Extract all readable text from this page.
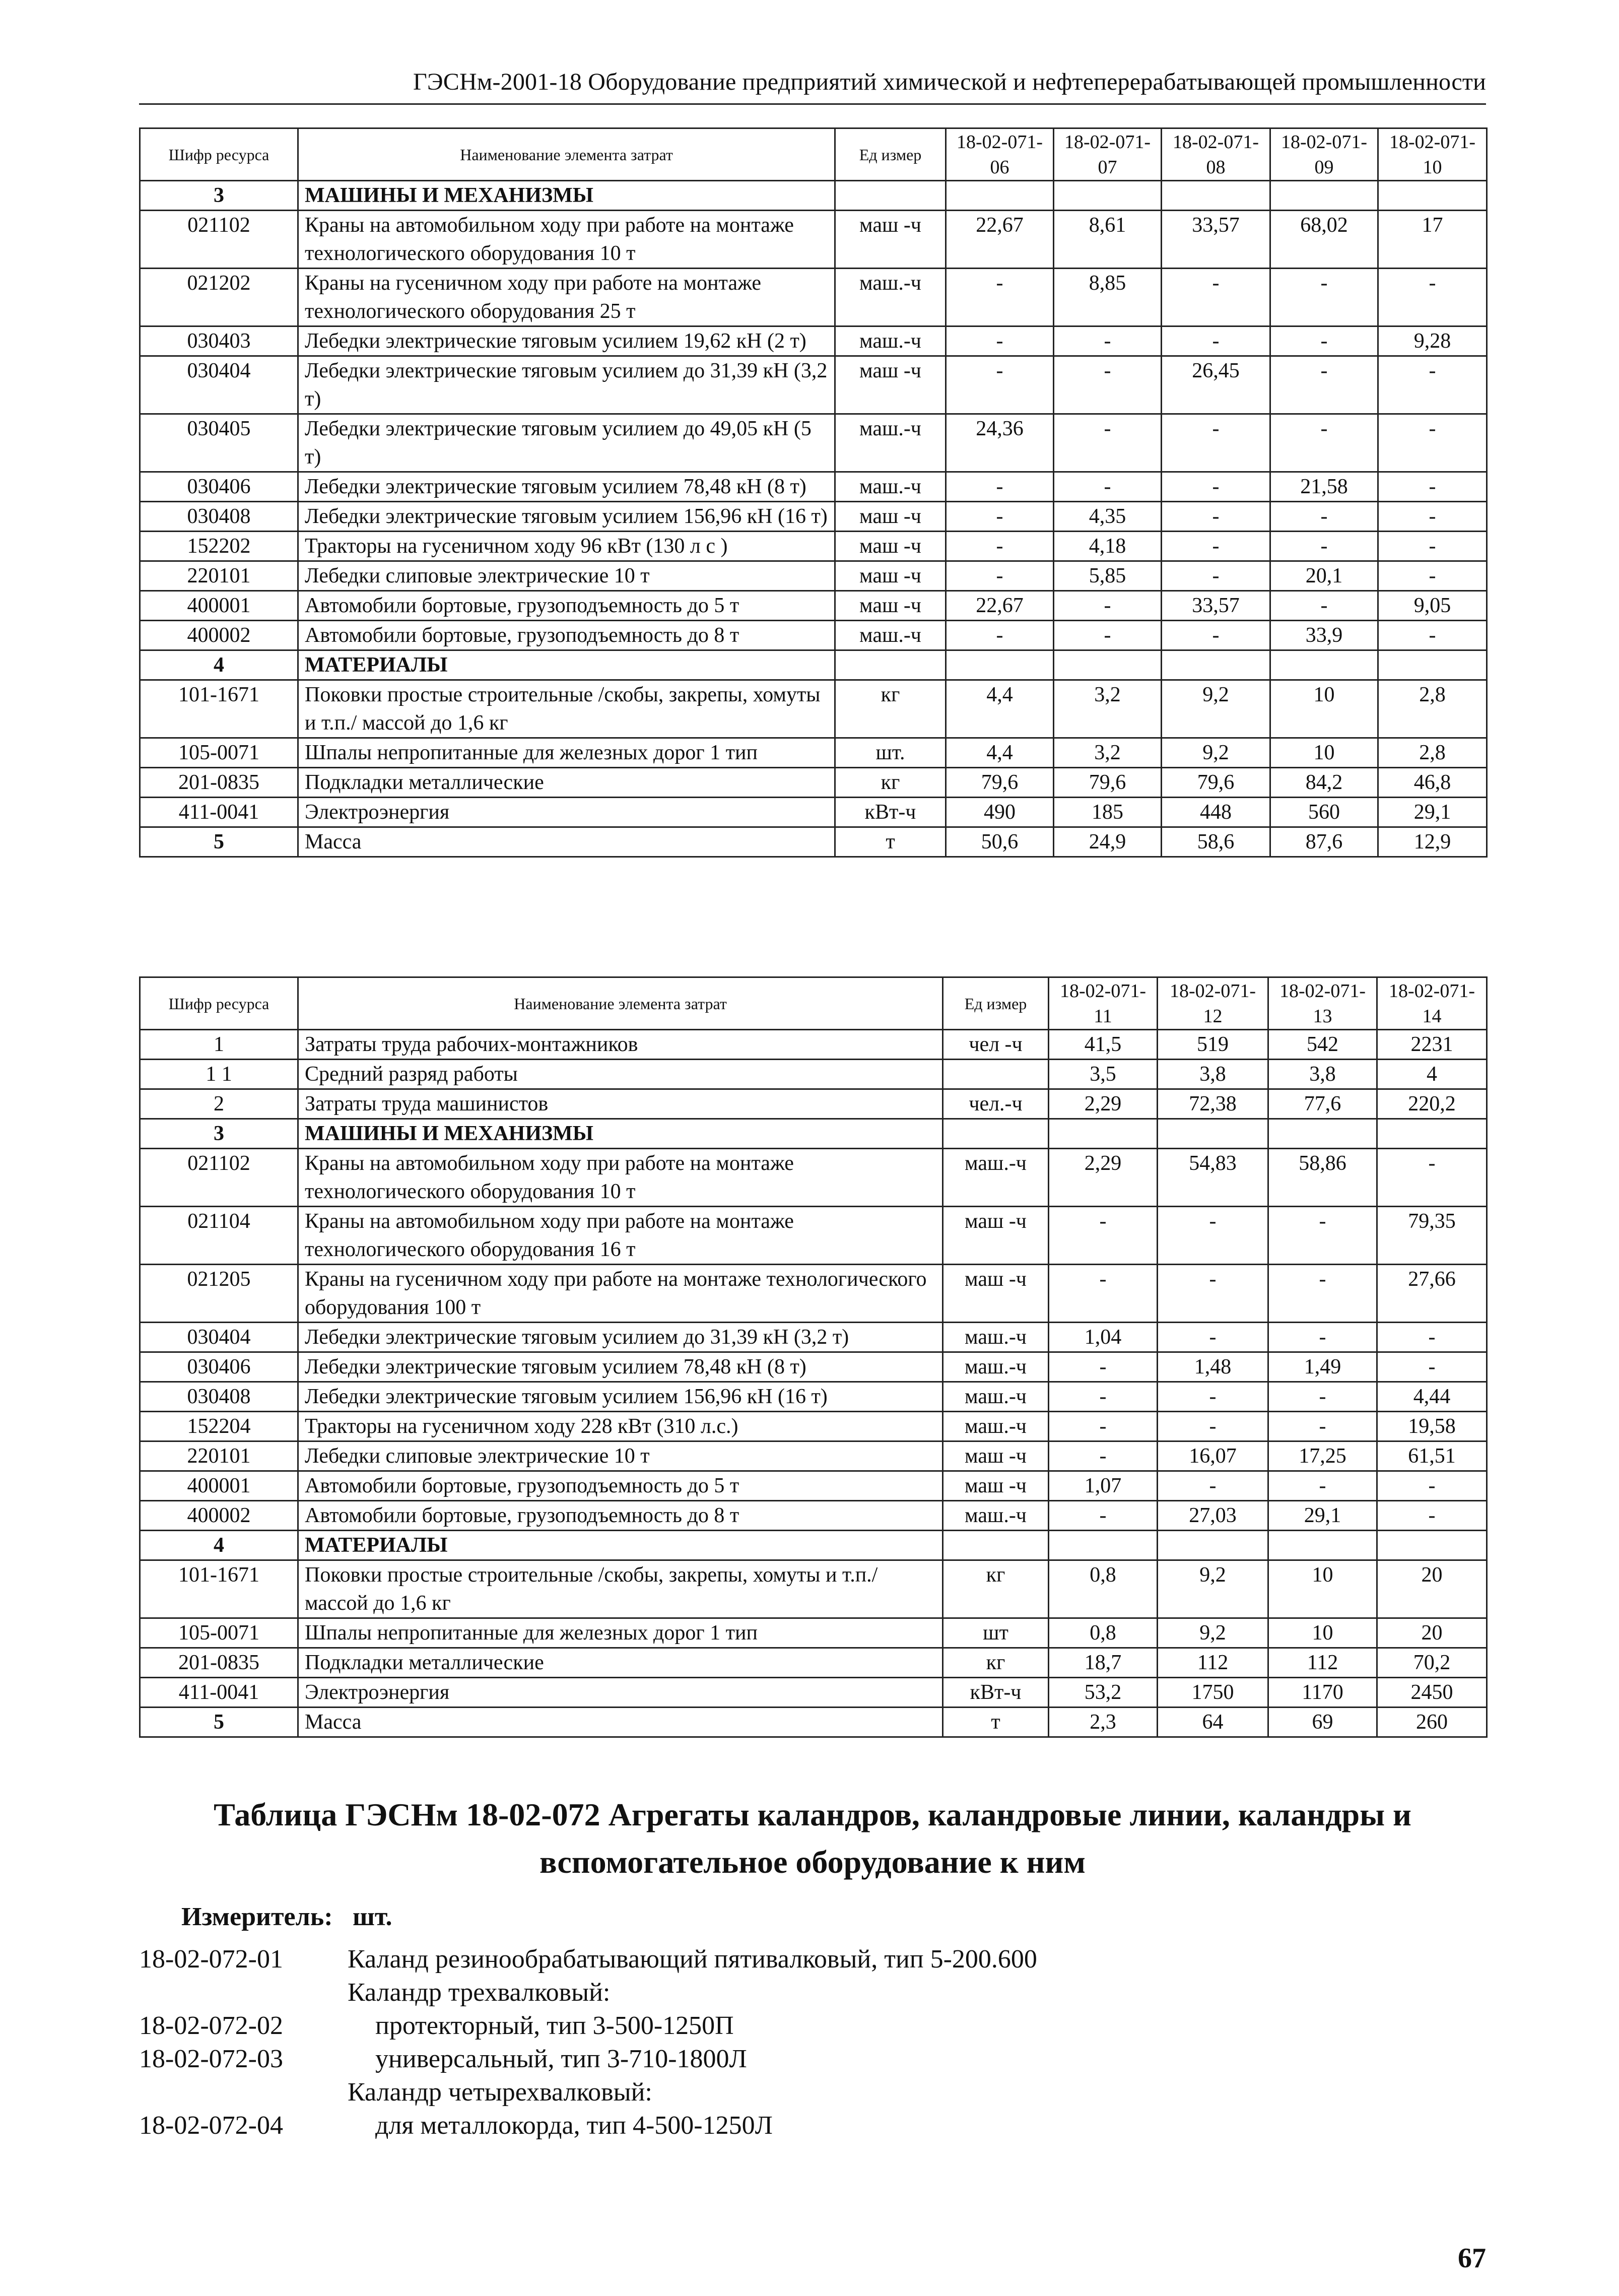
ГЭСНм-2001-18 Оборудование предприятий химической и нефтеперерабатывающей промышленности
Шифр ресурса	Наименование элемента затрат	Ед измер	18-02-071-06	18-02-071-07	18-02-071-08	18-02-071-09	18-02-071-10
3	МАШИНЫ И МЕХАНИЗМЫ						
021102	Краны на автомобильном ходу при работе на монтаже технологического оборудования 10 т	маш -ч	22,67	8,61	33,57	68,02	17
021202	Краны на гусеничном ходу при работе на монтаже технологического оборудования 25 т	маш.-ч	-	8,85	-	-	-
030403	Лебедки электрические тяговым усилием 19,62 кН (2 т)	маш.-ч	-	-	-	-	9,28
030404	Лебедки электрические тяговым усилием до 31,39 кН (3,2 т)	маш -ч	-	-	26,45	-	-
030405	Лебедки электрические тяговым усилием до 49,05 кН (5 т)	маш.-ч	24,36	-	-	-	-
030406	Лебедки электрические тяговым усилием 78,48 кН (8 т)	маш.-ч	-	-	-	21,58	-
030408	Лебедки электрические тяговым усилием 156,96 кН (16 т)	маш -ч	-	4,35	-	-	-
152202	Тракторы на гусеничном ходу 96 кВт (130 л с )	маш -ч	-	4,18	-	-	-
220101	Лебедки слиповые электрические 10 т	маш -ч	-	5,85	-	20,1	-
400001	Автомобили бортовые, грузоподъемность до 5 т	маш -ч	22,67	-	33,57	-	9,05
400002	Автомобили бортовые, грузоподъемность до 8 т	маш.-ч	-	-	-	33,9	-
4	МАТЕРИАЛЫ						
101-1671	Поковки простые строительные /скобы, закрепы, хомуты и т.п./ массой до 1,6 кг	кг	4,4	3,2	9,2	10	2,8
105-0071	Шпалы непропитанные для железных дорог 1 тип	шт.	4,4	3,2	9,2	10	2,8
201-0835	Подкладки металлические	кг	79,6	79,6	79,6	84,2	46,8
411-0041	Электроэнергия	кВт-ч	490	185	448	560	29,1
5	Масса	т	50,6	24,9	58,6	87,6	12,9
Шифр ресурса	Наименование элемента затрат	Ед измер	18-02-071-11	18-02-071-12	18-02-071-13	18-02-071-14
1	Затраты труда рабочих-монтажников	чел -ч	41,5	519	542	2231
1 1	Средний разряд работы		3,5	3,8	3,8	4
2	Затраты труда машинистов	чел.-ч	2,29	72,38	77,6	220,2
3	МАШИНЫ И МЕХАНИЗМЫ					
021102	Краны на автомобильном ходу при работе на монтаже технологического оборудования 10 т	маш.-ч	2,29	54,83	58,86	-
021104	Краны на автомобильном ходу при работе на монтаже технологического оборудования 16 т	маш -ч	-	-	-	79,35
021205	Краны на гусеничном ходу при работе на монтаже технологического оборудования 100 т	маш -ч	-	-	-	27,66
030404	Лебедки электрические тяговым усилием до 31,39 кН (3,2 т)	маш.-ч	1,04	-	-	-
030406	Лебедки электрические тяговым усилием 78,48 кН (8 т)	маш.-ч	-	1,48	1,49	-
030408	Лебедки электрические тяговым усилием 156,96 кН (16 т)	маш.-ч	-	-	-	4,44
152204	Тракторы на гусеничном ходу 228 кВт (310 л.с.)	маш.-ч	-	-	-	19,58
220101	Лебедки слиповые электрические 10 т	маш -ч	-	16,07	17,25	61,51
400001	Автомобили бортовые, грузоподъемность до 5 т	маш -ч	1,07	-	-	-
400002	Автомобили бортовые, грузоподъемность до 8 т	маш.-ч	-	27,03	29,1	-
4	МАТЕРИАЛЫ					
101-1671	Поковки простые строительные /скобы, закрепы, хомуты и т.п./ массой до 1,6 кг	кг	0,8	9,2	10	20
105-0071	Шпалы непропитанные для железных дорог 1 тип	шт	0,8	9,2	10	20
201-0835	Подкладки металлические	кг	18,7	112	112	70,2
411-0041	Электроэнергия	кВт-ч	53,2	1750	1170	2450
5	Масса	т	2,3	64	69	260
Таблица ГЭСНм 18-02-072 Агрегаты каландров, каландровые линии, каландры и вспомогательное оборудование к ним
Измеритель: шт.
18-02-072-01 Каланд резинообрабатывающий пятивалковый, тип 5-200.600
Каландр трехвалковый:
18-02-072-02	протекторный, тип 3-500-1250П
18-02-072-03	универсальный, тип 3-710-1800Л
Каландр четырехвалковый:
18-02-072-04	для металлокорда, тип 4-500-1250Л
67
